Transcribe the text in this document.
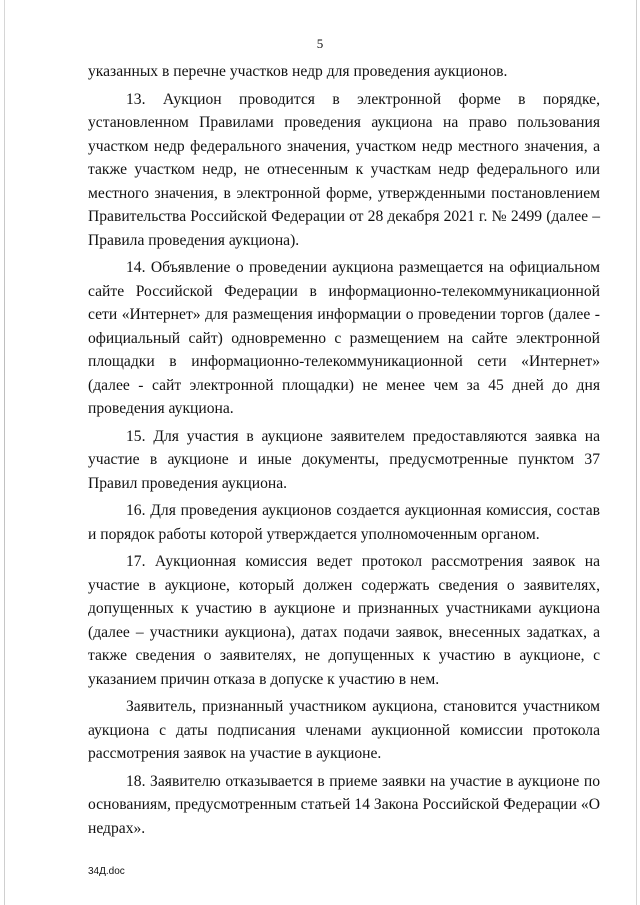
5

указанных в перечне участков недр для проведения аукционов.

13. Аукцион проводится в электронной форме в порядке, установленном Правилами проведения аукциона на право пользования участком недр федерального значения, участком недр местного значения, а также участком недр, не отнесенным к участкам недр федерального или местного значения, в электронной форме, утвержденными постановлением Правительства Российской Федерации от 28 декабря 2021 г. № 2499 (далее – Правила проведения аукциона).

14. Объявление о проведении аукциона размещается на официальном сайте Российской Федерации в информационно-телекоммуникационной сети «Интернет» для размещения информации о проведении торгов (далее - официальный сайт) одновременно с размещением на сайте электронной площадки в информационно-телекоммуникационной сети «Интернет» (далее - сайт электронной площадки) не менее чем за 45 дней до дня проведения аукциона.

15. Для участия в аукционе заявителем предоставляются заявка на участие в аукционе и иные документы, предусмотренные пунктом 37 Правил проведения аукциона.

16. Для проведения аукционов создается аукционная комиссия, состав и порядок работы которой утверждается уполномоченным органом.

17. Аукционная комиссия ведет протокол рассмотрения заявок на участие в аукционе, который должен содержать сведения о заявителях, допущенных к участию в аукционе и признанных участниками аукциона (далее – участники аукциона), датах подачи заявок, внесенных задатках, а также сведения о заявителях, не допущенных к участию в аукционе, с указанием причин отказа в допуске к участию в нем.

Заявитель, признанный участником аукциона, становится участником аукциона с даты подписания членами аукционной комиссии протокола рассмотрения заявок на участие в аукционе.

18. Заявителю отказывается в приеме заявки на участие в аукционе по основаниям, предусмотренным статьей 14 Закона Российской Федерации «О недрах».

34Д.doc
